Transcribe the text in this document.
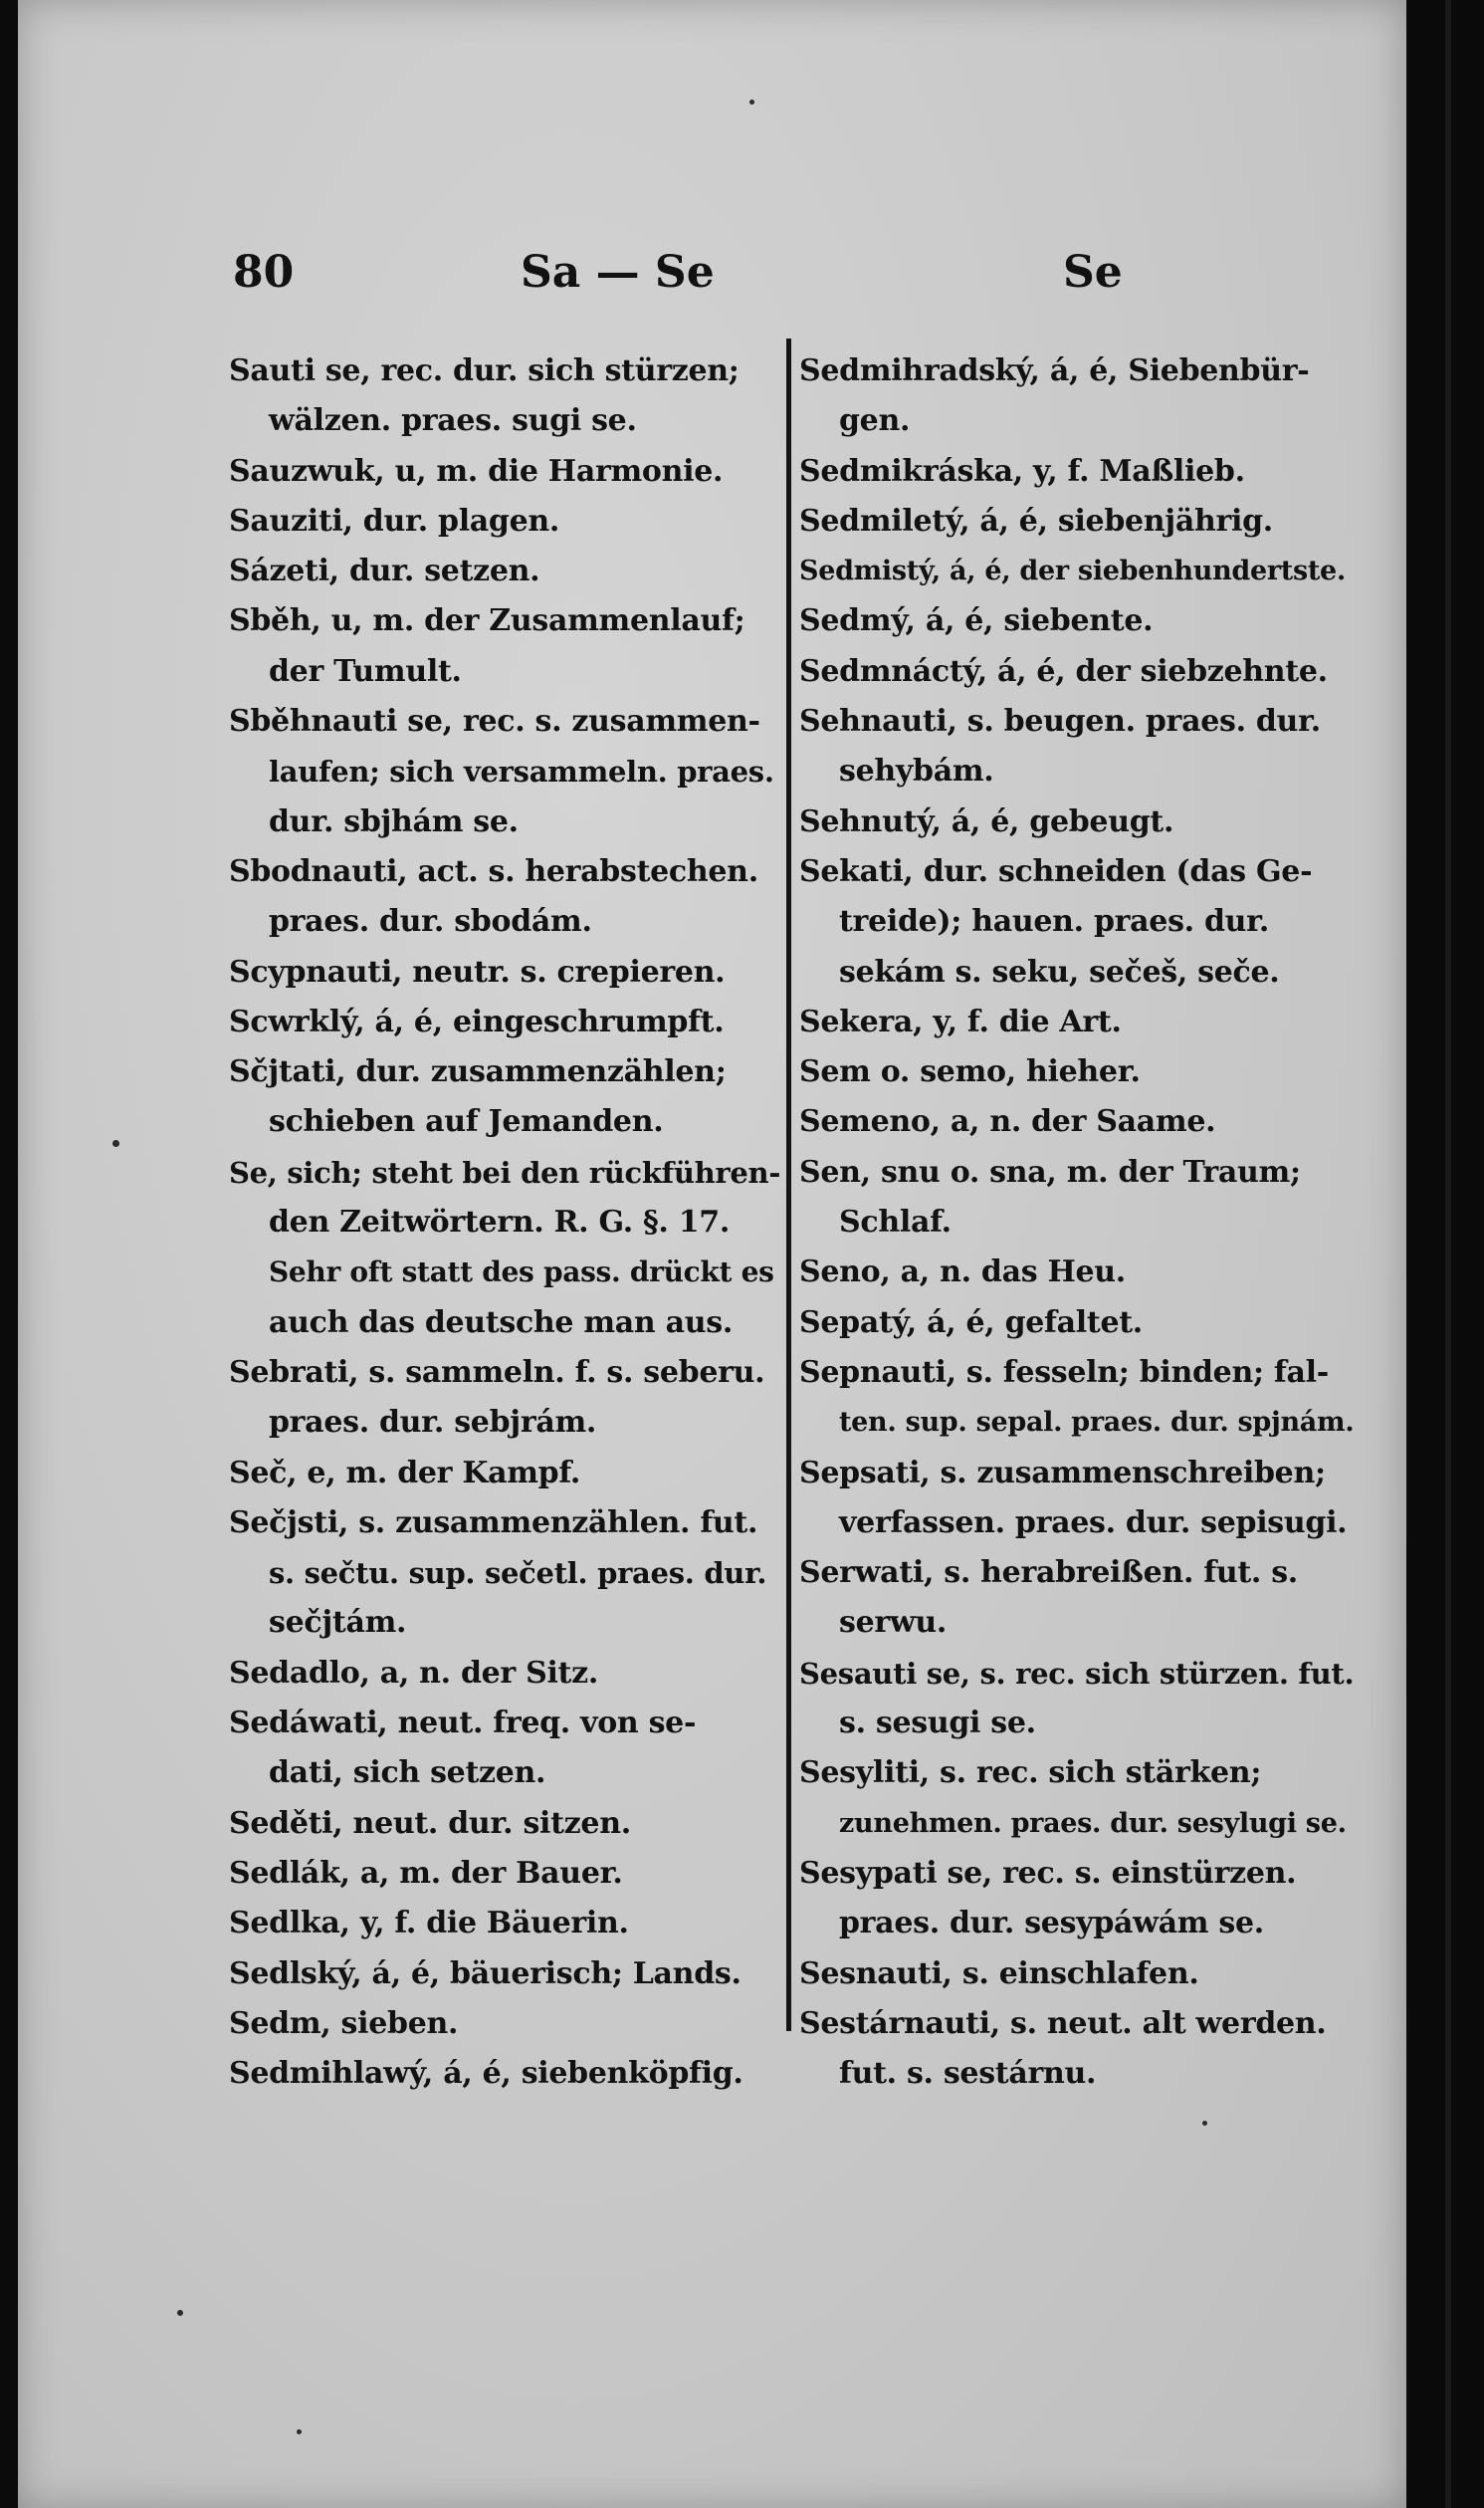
80	Sa — Se	Se
Sauti se, rec. dur. sich stürzen;
wälzen. praes. sugi se.
Sauzwuk, u, m. die Harmonie.
Sauziti, dur. plagen.
Sázeti, dur. setzen.
Sběh, u, m. der Zusammenlauf;
der Tumult.
Sběhnauti se, rec. s. zusammen-
laufen; sich versammeln. praes.
dur. sbjhám se.
Sbodnauti, act. s. herabstechen.
praes. dur. sbodám.
Scypnauti, neutr. s. crepieren.
Scwrklý, á, é, eingeschrumpft.
Sčjtati, dur. zusammenzählen;
schieben auf Jemanden.
Se, sich; steht bei den rückführen-
den Zeitwörtern. R. G. §. 17.
Sehr oft statt des pass. drückt es
auch das deutsche man aus.
Sebrati, s. sammeln. f. s. seberu.
praes. dur. sebjrám.
Seč, e, m. der Kampf.
Sečjsti, s. zusammenzählen. fut.
s. sečtu. sup. sečetl. praes. dur.
sečjtám.
Sedadlo, a, n. der Sitz.
Sedáwati, neut. freq. von se-
dati, sich setzen.
Seděti, neut. dur. sitzen.
Sedlák, a, m. der Bauer.
Sedlka, y, f. die Bäuerin.
Sedlský, á, é, bäuerisch; Lands.
Sedm, sieben.
Sedmihlawý, á, é, siebenköpfig.
Sedmihradský, á, é, Siebenbür-
gen.
Sedmikráska, y, f. Maßlieb.
Sedmiletý, á, é, siebenjährig.
Sedmistý, á, é, der siebenhundertste.
Sedmý, á, é, siebente.
Sedmnáctý, á, é, der siebzehnte.
Sehnauti, s. beugen. praes. dur.
sehybám.
Sehnutý, á, é, gebeugt.
Sekati, dur. schneiden (das Ge-
treide); hauen. praes. dur.
sekám s. seku, sečeš, seče.
Sekera, y, f. die Art.
Sem o. semo, hieher.
Semeno, a, n. der Saame.
Sen, snu o. sna, m. der Traum;
Schlaf.
Seno, a, n. das Heu.
Sepatý, á, é, gefaltet.
Sepnauti, s. fesseln; binden; fal-
ten. sup. sepal. praes. dur. spjnám.
Sepsati, s. zusammenschreiben;
verfassen. praes. dur. sepisugi.
Serwati, s. herabreißen. fut. s.
serwu.
Sesauti se, s. rec. sich stürzen. fut.
s. sesugi se.
Sesyliti, s. rec. sich stärken;
zunehmen. praes. dur. sesylugi se.
Sesypati se, rec. s. einstürzen.
praes. dur. sesypáwám se.
Sesnauti, s. einschlafen.
Sestárnauti, s. neut. alt werden.
fut. s. sestárnu.
